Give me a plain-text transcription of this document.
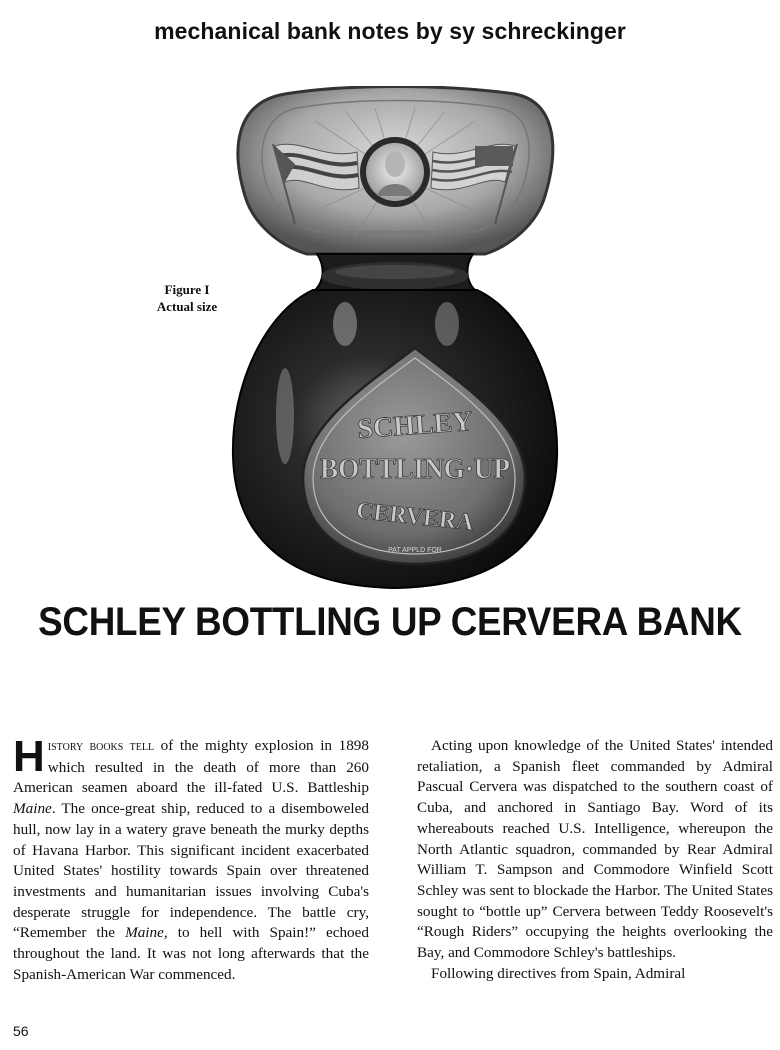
mechanical bank notes by sy schreckinger
Figure I
Actual size
SCHLEY
BOTTLING·UP
CERVERA
PAT APPLD FOR
SCHLEY BOTTLING UP CERVERA BANK

History books tell of the mighty explosion in 1898 which resulted in the death of more than 260 American seamen aboard the ill-fated U.S. Battleship Maine. The once-great ship, reduced to a disemboweled hull, now lay in a watery grave beneath the murky depths of Havana Harbor. This significant incident exacerbated United States' hostility towards Spain over threatened investments and humanitarian issues involving Cuba's desperate struggle for independence. The battle cry, “Remember the Maine, to hell with Spain!” echoed throughout the land. It was not long afterwards that the Spanish-American War commenced.

Acting upon knowledge of the United States' intended retaliation, a Spanish fleet commanded by Admiral Pascual Cervera was dispatched to the southern coast of Cuba, and anchored in Santiago Bay. Word of its whereabouts reached U.S. Intelligence, whereupon the North Atlantic squadron, commanded by Rear Admiral William T. Sampson and Commodore Winfield Scott Schley was sent to blockade the Harbor. The United States sought to “bottle up” Cervera between Teddy Roosevelt's “Rough Riders” occupying the heights overlooking the Bay, and Commodore Schley's battleships.

Following directives from Spain, Admiral

56
